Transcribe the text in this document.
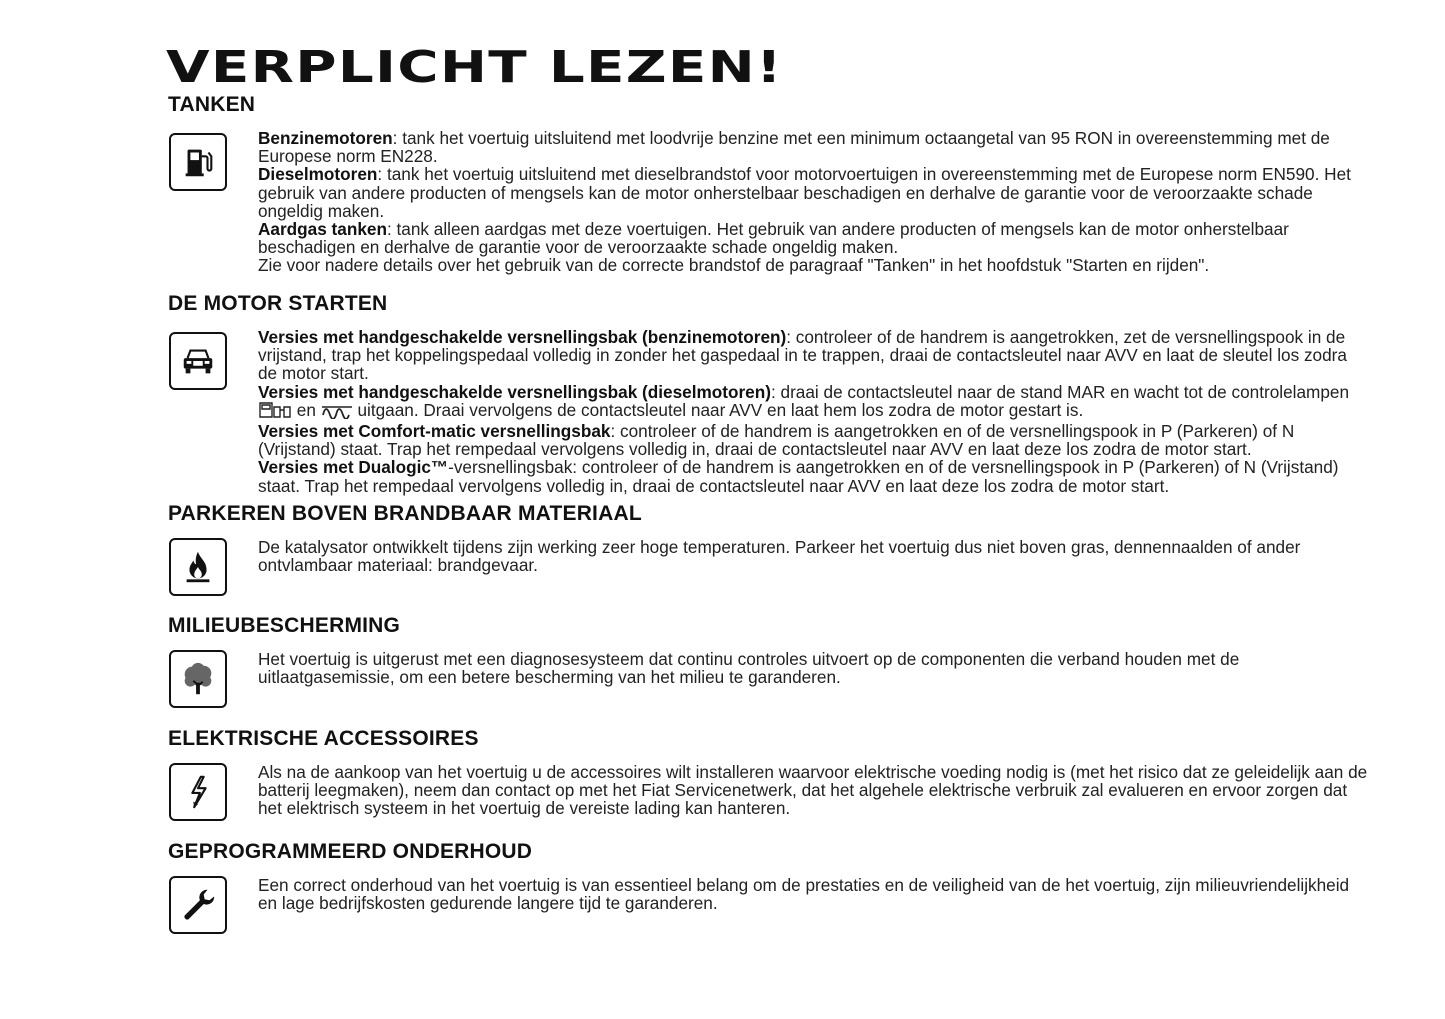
VERPLICHT LEZEN!
TANKEN

Benzinemotoren: tank het voertuig uitsluitend met loodvrije benzine met een minimum octaangetal van 95 RON in overeenstemming met de Europese norm EN228.

Dieselmotoren: tank het voertuig uitsluitend met dieselbrandstof voor motorvoertuigen in overeenstemming met de Europese norm EN590. Het gebruik van andere producten of mengsels kan de motor onherstelbaar beschadigen en derhalve de garantie voor de veroorzaakte schade ongeldig maken.

Aardgas tanken: tank alleen aardgas met deze voertuigen. Het gebruik van andere producten of mengsels kan de motor onherstelbaar beschadigen en derhalve de garantie voor de veroorzaakte schade ongeldig maken.

Zie voor nadere details over het gebruik van de correcte brandstof de paragraaf "Tanken" in het hoofdstuk "Starten en rijden".

DE MOTOR STARTEN

Versies met handgeschakelde versnellingsbak (benzinemotoren): controleer of de handrem is aangetrokken, zet de versnellingspook in de vrijstand, trap het koppelingspedaal volledig in zonder het gaspedaal in te trappen, draai de contactsleutel naar AVV en laat de sleutel los zodra de motor start.

Versies met handgeschakelde versnellingsbak (dieselmotoren): draai de contactsleutel naar de stand MAR en wacht tot de controlelampen  en  uitgaan. Draai vervolgens de contactsleutel naar AVV en laat hem los zodra de motor gestart is.

Versies met Comfort-matic versnellingsbak: controleer of de handrem is aangetrokken en of de versnellingspook in P (Parkeren) of N (Vrijstand) staat. Trap het rempedaal vervolgens volledig in, draai de contactsleutel naar AVV en laat deze los zodra de motor start.

Versies met Dualogic™-versnellingsbak: controleer of de handrem is aangetrokken en of de versnellingspook in P (Parkeren) of N (Vrijstand) staat. Trap het rempedaal vervolgens volledig in, draai de contactsleutel naar AVV en laat deze los zodra de motor start.

PARKEREN BOVEN BRANDBAAR MATERIAAL

De katalysator ontwikkelt tijdens zijn werking zeer hoge temperaturen. Parkeer het voertuig dus niet boven gras, dennennaalden of ander ontvlambaar materiaal: brandgevaar.

MILIEUBESCHERMING

Het voertuig is uitgerust met een diagnosesysteem dat continu controles uitvoert op de componenten die verband houden met de uitlaatgasemissie, om een betere bescherming van het milieu te garanderen.

ELEKTRISCHE ACCESSOIRES

Als na de aankoop van het voertuig u de accessoires wilt installeren waarvoor elektrische voeding nodig is (met het risico dat ze geleidelijk aan de batterij leegmaken), neem dan contact op met het Fiat Servicenetwerk, dat het algehele elektrische verbruik zal evalueren en ervoor zorgen dat het elektrisch systeem in het voertuig de vereiste lading kan hanteren.

GEPROGRAMMEERD ONDERHOUD

Een correct onderhoud van het voertuig is van essentieel belang om de prestaties en de veiligheid van de het voertuig, zijn milieuvriendelijkheid en lage bedrijfskosten gedurende langere tijd te garanderen.
